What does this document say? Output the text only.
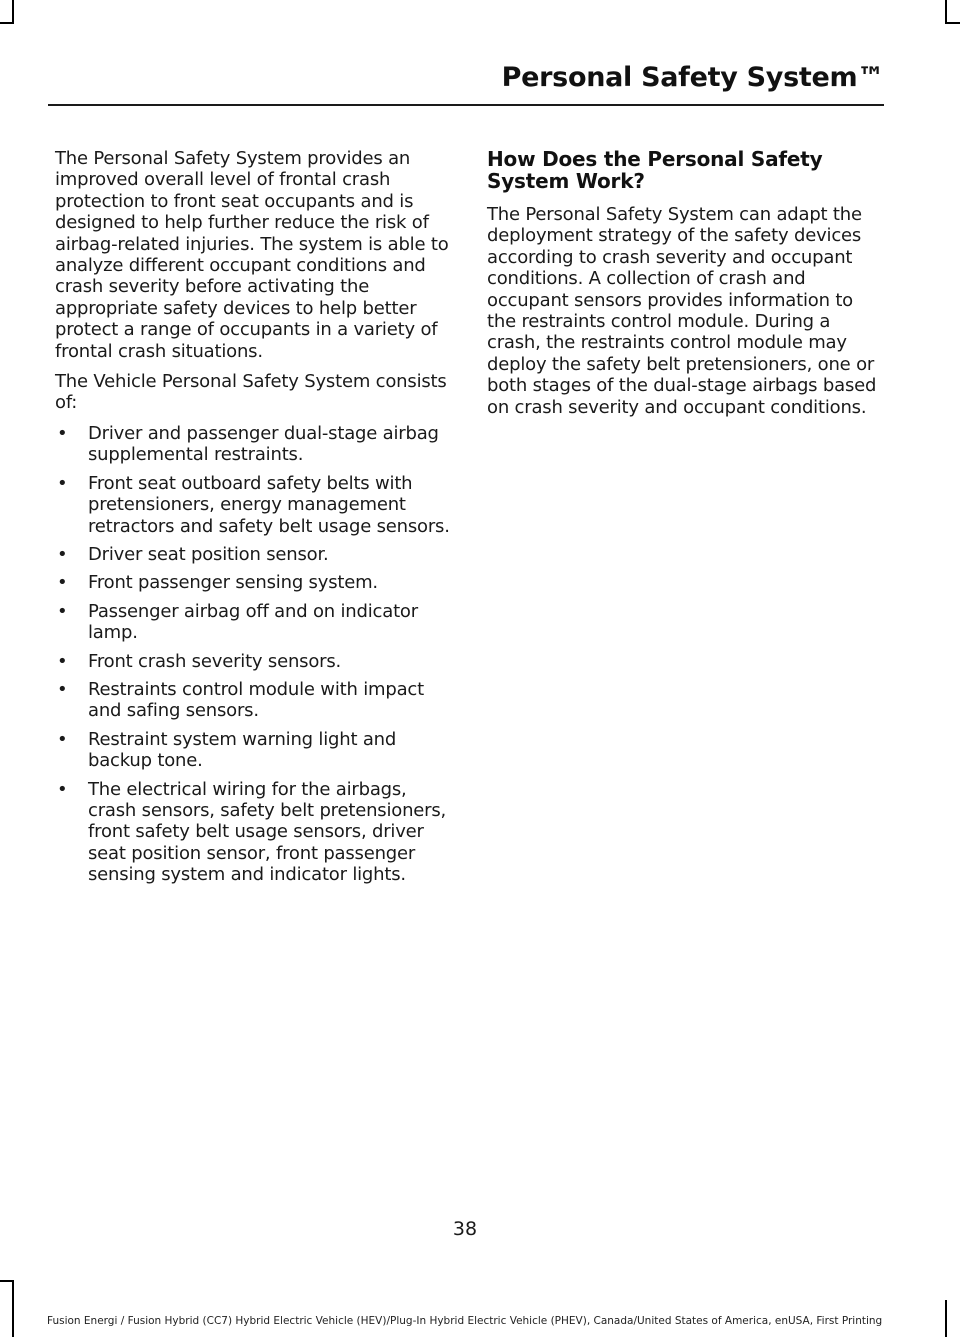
Personal Safety System™

The Personal Safety System provides an improved overall level of frontal crash protection to front seat occupants and is designed to help further reduce the risk of airbag-related injuries. The system is able to analyze different occupant conditions and crash severity before activating the appropriate safety devices to help better protect a range of occupants in a variety of frontal crash situations.

The Vehicle Personal Safety System consists of:

• Driver and passenger dual-stage airbag supplemental restraints.
• Front seat outboard safety belts with pretensioners, energy management retractors and safety belt usage sensors.
• Driver seat position sensor.
• Front passenger sensing system.
• Passenger airbag off and on indicator lamp.
• Front crash severity sensors.
• Restraints control module with impact and safing sensors.
• Restraint system warning light and backup tone.
• The electrical wiring for the airbags, crash sensors, safety belt pretensioners, front safety belt usage sensors, driver seat position sensor, front passenger sensing system and indicator lights.
How Does the Personal Safety System Work?

The Personal Safety System can adapt the deployment strategy of the safety devices according to crash severity and occupant conditions. A collection of crash and occupant sensors provides information to the restraints control module. During a crash, the restraints control module may deploy the safety belt pretensioners, one or both stages of the dual-stage airbags based on crash severity and occupant conditions.

38
Fusion Energi / Fusion Hybrid (CC7) Hybrid Electric Vehicle (HEV)/Plug-In Hybrid Electric Vehicle (PHEV), Canada/United States of America, enUSA, First Printing
